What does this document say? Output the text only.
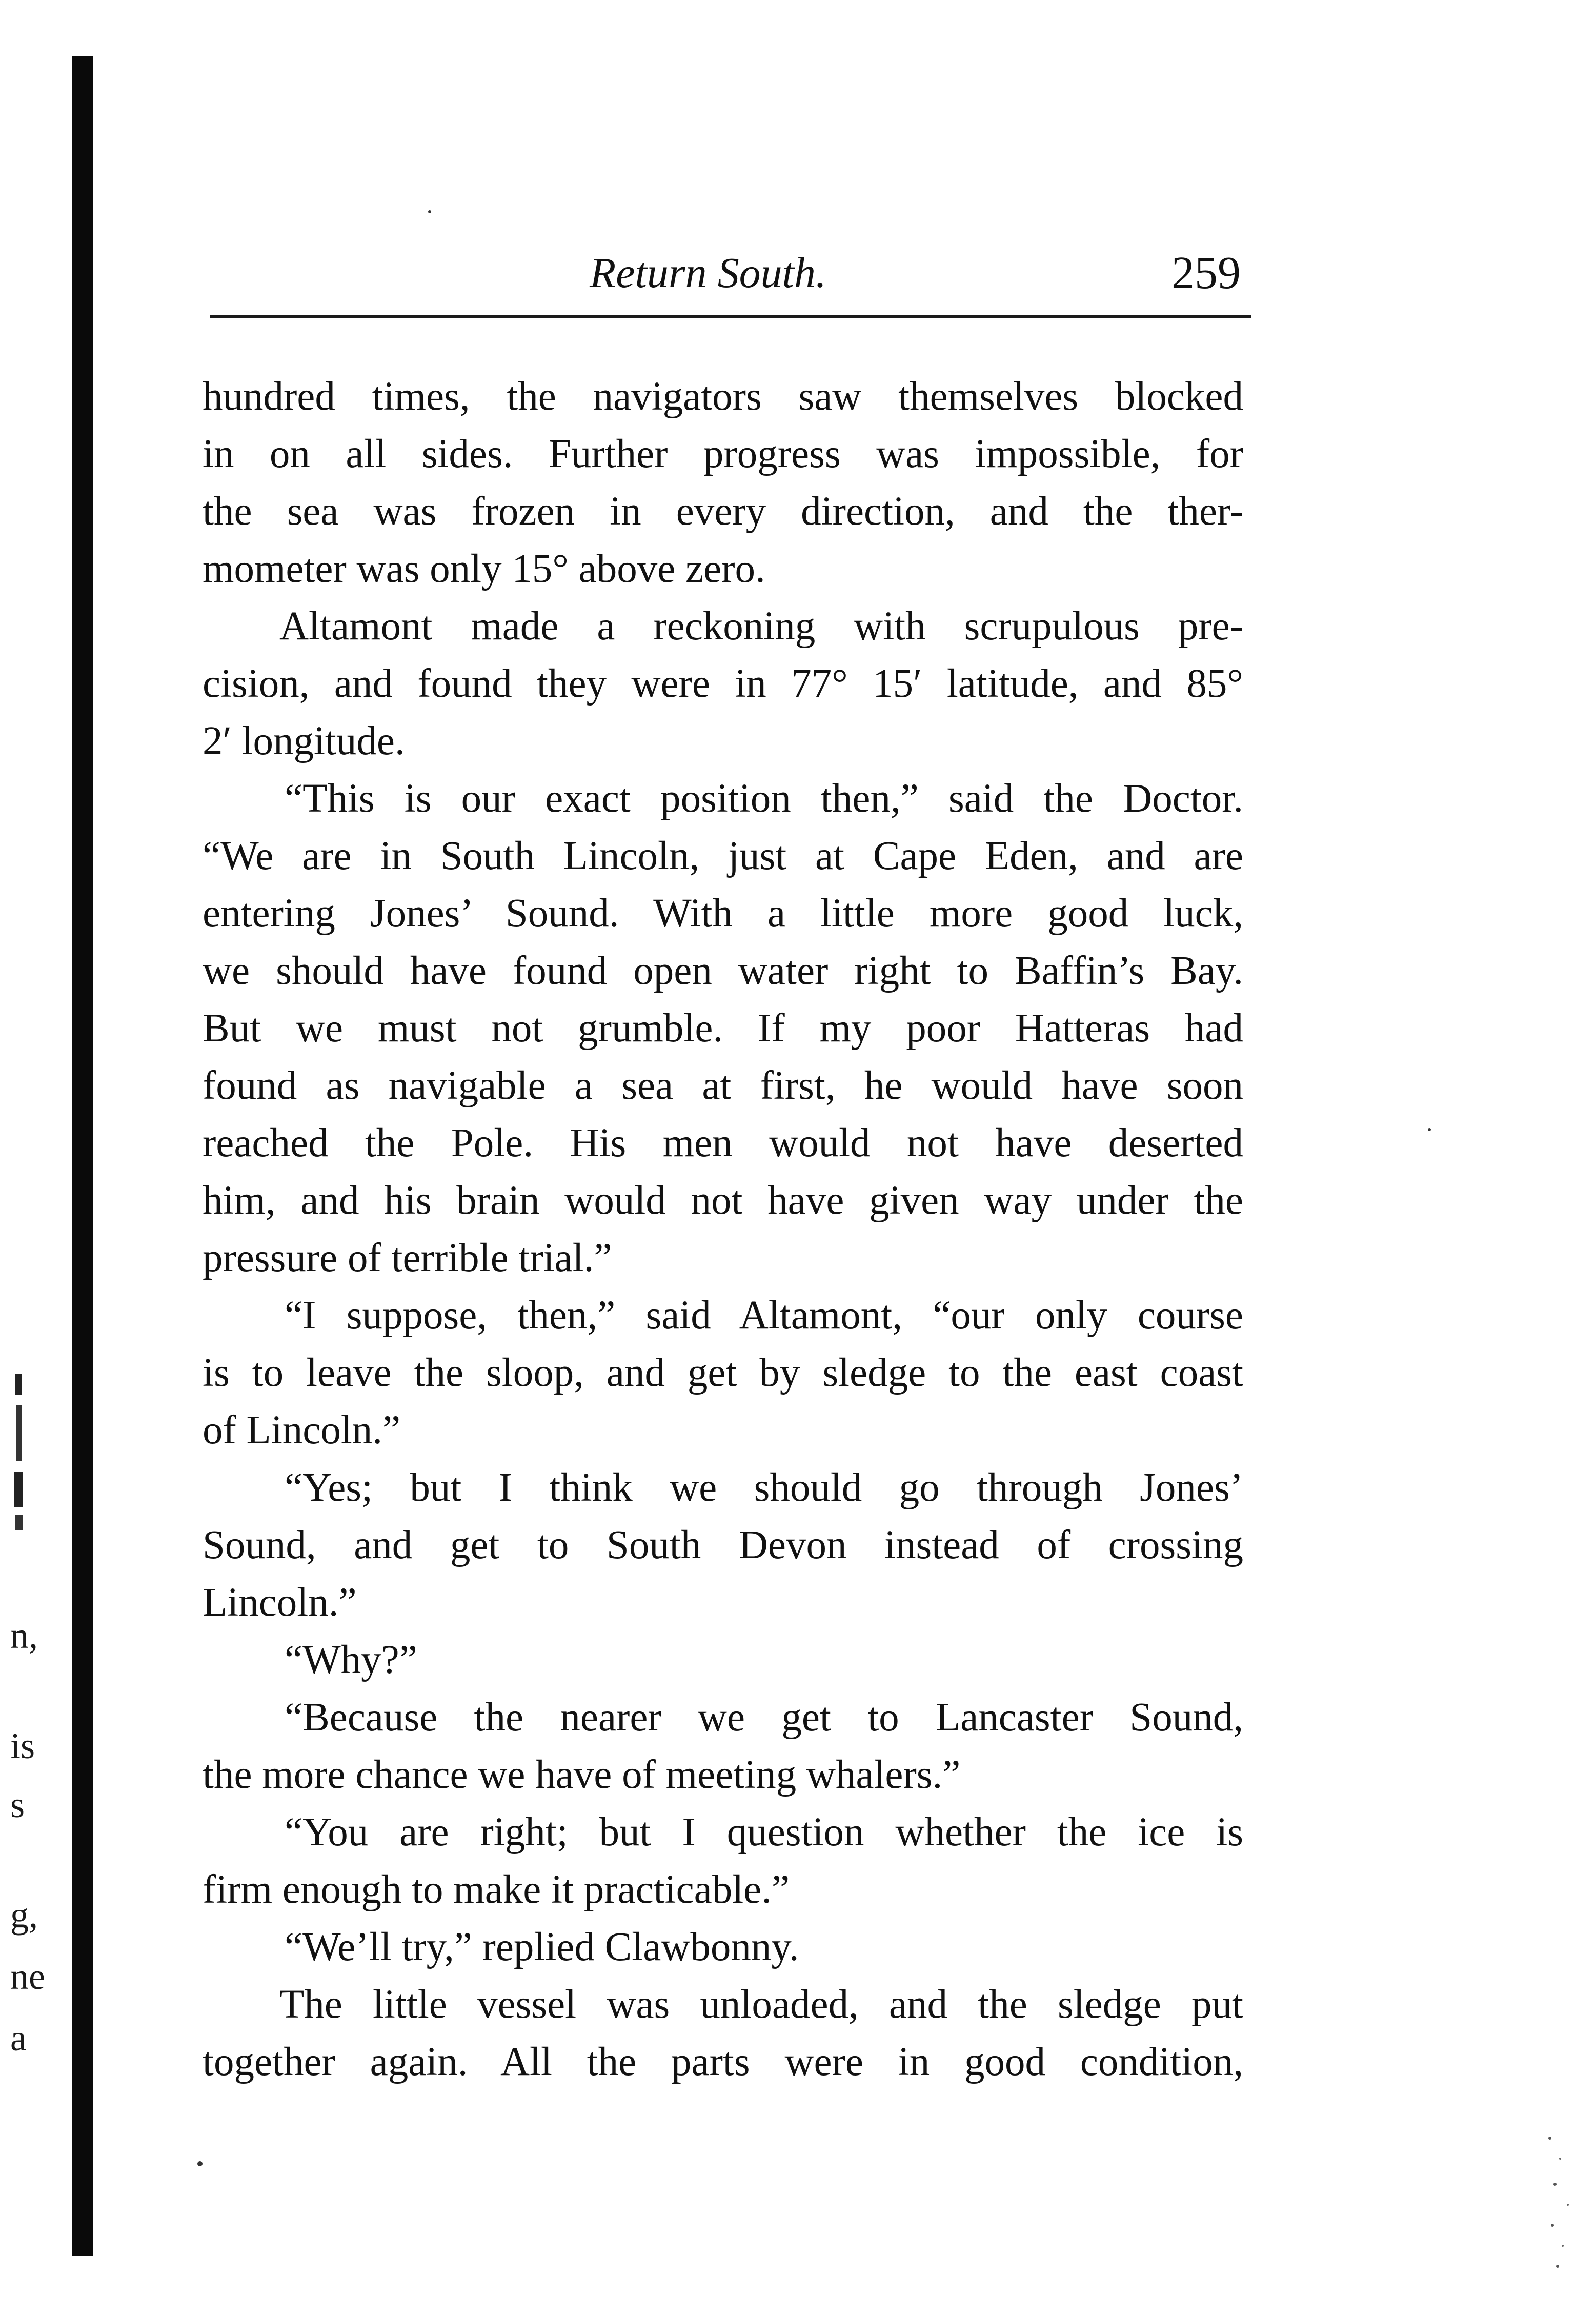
Return South.	259
hundred times, the navigators saw themselves blocked
in on all sides. Further progress was impossible, for
the sea was frozen in every direction, and the ther-
mometer was only 15° above zero.
Altamont made a reckoning with scrupulous pre-
cision, and found they were in 77° 15′ latitude, and 85°
2′ longitude.
“This is our exact position then,” said the Doctor.
“We are in South Lincoln, just at Cape Eden, and are
entering Jones’ Sound. With a little more good luck,
we should have found open water right to Baffin’s Bay.
But we must not grumble. If my poor Hatteras had
found as navigable a sea at first, he would have soon
reached the Pole. His men would not have deserted
him, and his brain would not have given way under the
pressure of terrible trial.”
“I suppose, then,” said Altamont, “our only course
is to leave the sloop, and get by sledge to the east coast
of Lincoln.”
“Yes; but I think we should go through Jones’
Sound, and get to South Devon instead of crossing
Lincoln.”
“Why?”
“Because the nearer we get to Lancaster Sound,
the more chance we have of meeting whalers.”
“You are right; but I question whether the ice is
firm enough to make it practicable.”
“We’ll try,” replied Clawbonny.
The little vessel was unloaded, and the sledge put
together again. All the parts were in good condition,
n,
is
s
g,
ne
a
